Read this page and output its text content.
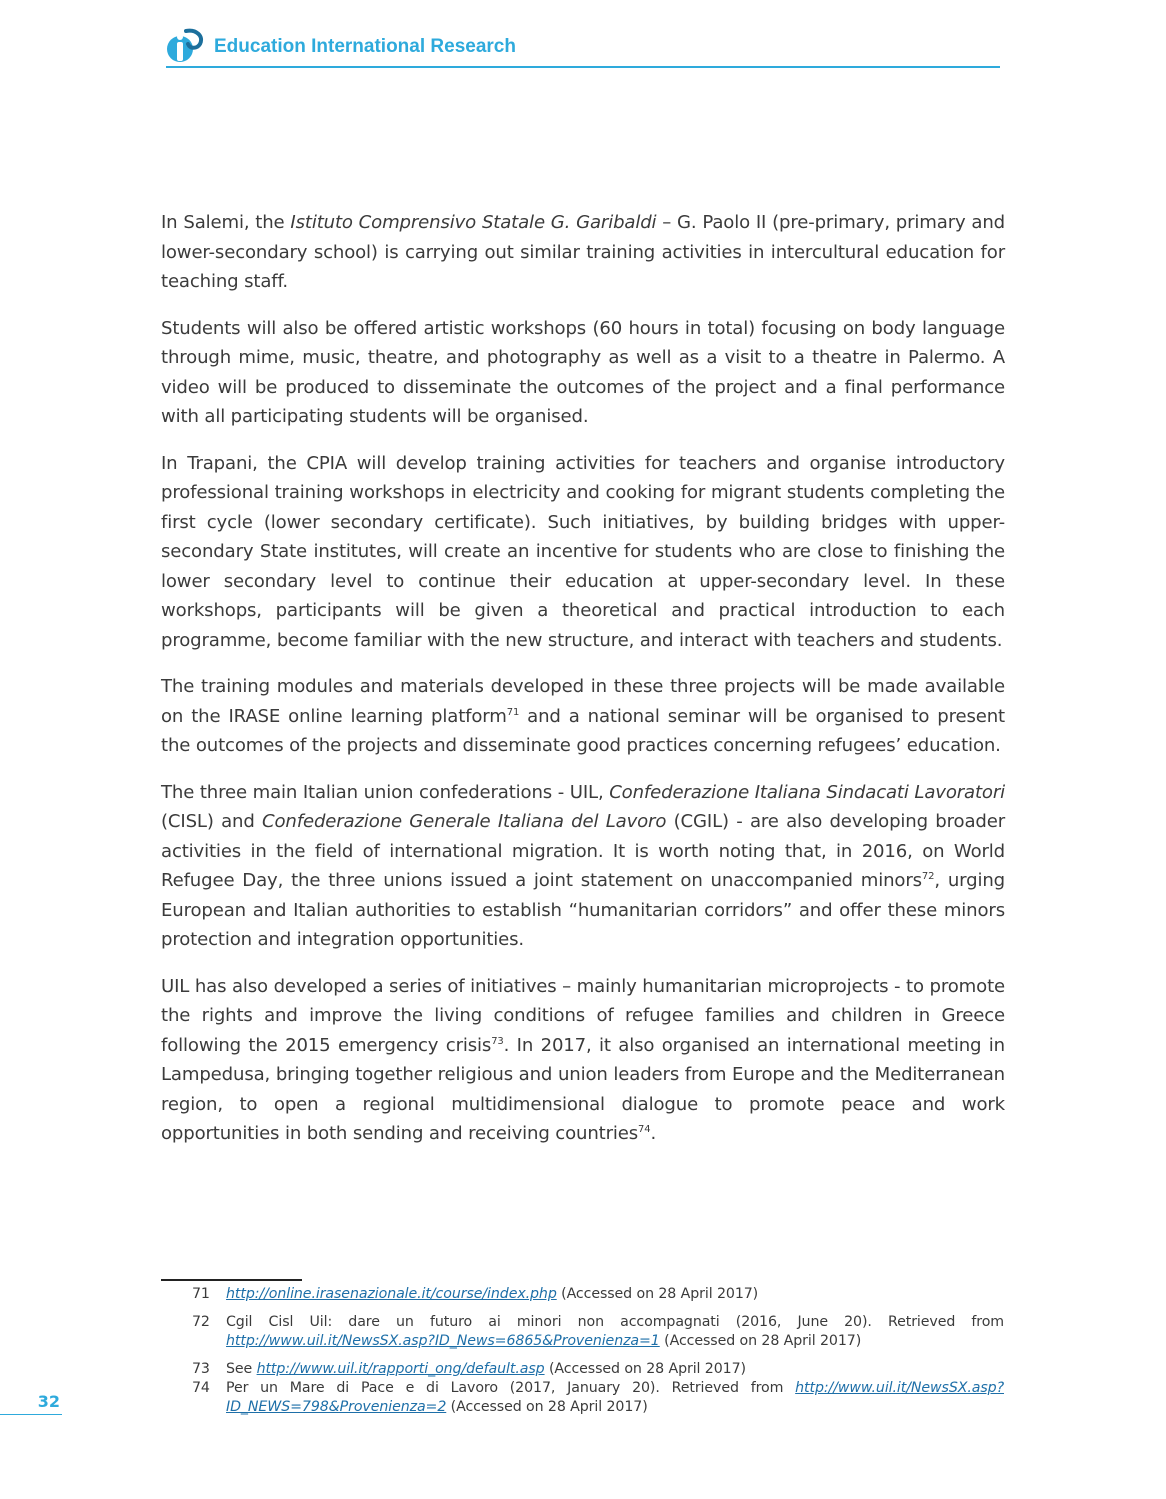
Education International Research

In Salemi, the Istituto Comprensivo Statale G. Garibaldi – G. Paolo II (pre-primary, primary and lower-secondary school) is carrying out similar training activities in intercultural education for teaching staff.

Students will also be offered artistic workshops (60 hours in total) focusing on body language through mime, music, theatre, and photography as well as a visit to a theatre in Palermo. A video will be produced to disseminate the outcomes of the project and a final performance with all participating students will be organised.

In Trapani, the CPIA will develop training activities for teachers and organise introductory professional training workshops in electricity and cooking for migrant students completing the first cycle (lower secondary certificate). Such initiatives, by building bridges with upper-secondary State institutes, will create an incentive for students who are close to finishing the lower secondary level to continue their education at upper-secondary level. In these workshops, participants will be given a theoretical and practical introduction to each programme, become familiar with the new structure, and interact with teachers and students.

The training modules and materials developed in these three projects will be made available on the IRASE online learning platform$^{71}$ and a national seminar will be organised to present the outcomes of the projects and disseminate good practices concerning refugees’ education.

The three main Italian union confederations - UIL, Confederazione Italiana Sindacati Lavoratori (CISL) and Confederazione Generale Italiana del Lavoro (CGIL) - are also developing broader activities in the field of international migration. It is worth noting that, in 2016, on World Refugee Day, the three unions issued a joint statement on unaccompanied minors$^{72}$, urging European and Italian authorities to establish “humanitarian corridors” and offer these minors protection and integration opportunities.

UIL has also developed a series of initiatives – mainly humanitarian microprojects - to promote the rights and improve the living conditions of refugee families and children in Greece following the 2015 emergency crisis$^{73}$. In 2017, it also organised an international meeting in Lampedusa, bringing together religious and union leaders from Europe and the Mediterranean region, to open a regional multidimensional dialogue to promote peace and work opportunities in both sending and receiving countries$^{74}$.

71 http://online.irasenazionale.it/course/index.php (Accessed on 28 April 2017)
72 Cgil Cisl Uil: dare un futuro ai minori non accompagnati (2016, June 20). Retrieved from http://www.uil.it/NewsSX.asp?ID_News=6865&Provenienza=1 (Accessed on 28 April 2017)
73 See http://www.uil.it/rapporti_ong/default.asp (Accessed on 28 April 2017)
74 Per un Mare di Pace e di Lavoro (2017, January 20). Retrieved from http://www.uil.it/NewsSX.asp?ID_NEWS=798&Provenienza=2 (Accessed on 28 April 2017)
32
